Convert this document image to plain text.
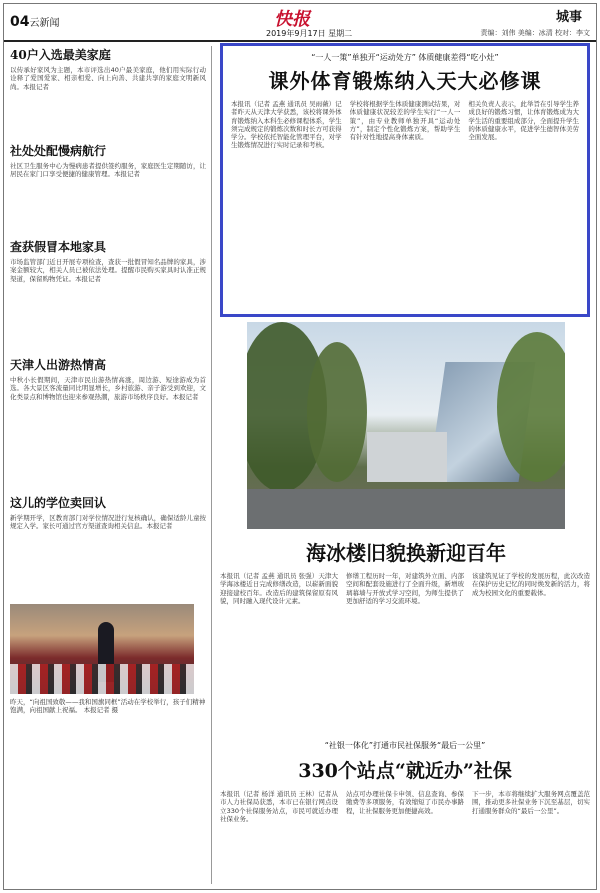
04云新闻	快报
2019年9月17日 星期二
城事
责编：刘伟 美编：冰清 校对：李文
40户入选最美家庭
以传承好家风为主题，本市评选出40户最美家庭，他们用实际行动诠释了爱国爱家、相亲相爱、向上向善、共建共享的家庭文明新风尚。本报记者
社处处配慢病航行
社区卫生服务中心为慢病患者提供签约服务，家庭医生定期随访，让居民在家门口享受便捷的健康管理。本报记者
查获假冒本地家具
市场监管部门近日开展专项检查，查获一批假冒知名品牌的家具，涉案金额较大，相关人员已被依法处理。提醒市民购买家具时认准正规渠道，保留购物凭证。本报记者
天津人出游热情高
中秋小长假期间，天津市民出游热情高涨，周边游、短途游成为首选。各大景区客流量同比明显增长，乡村旅游、亲子游受到欢迎，文化类景点和博物馆也迎来参观热潮，旅游市场秩序良好。本报记者
这儿的学位卖回认
新学期开学，区教育部门对学位情况进行复核确认，确保适龄儿童按规定入学。家长可通过官方渠道查询相关信息。本报记者
昨天，“向祖国致敬——我和国旗同框”活动在学校举行，孩子们精神饱满，向祖国献上祝福。 本报记者 摄
“一人一策”单独开“运动处方” 体质健康差得“吃小灶”
课外体育锻炼纳入天大必修课
本报讯（记者 孟燕 通讯员 吴雨薇）记者昨天从天津大学获悉，该校将课外体育锻炼纳入本科生必修课程体系，学生须完成规定的锻炼次数和时长方可获得学分。学校依托智能化管理平台，对学生锻炼情况进行实时记录和考核。
学校将根据学生体质健康测试结果，对体质健康状况较差的学生实行“一人一策”，由专业教师单独开具“运动处方”，制定个性化锻炼方案，帮助学生有针对性地提高身体素质。
相关负责人表示，此举旨在引导学生养成良好的锻炼习惯，让体育锻炼成为大学生活的重要组成部分，全面提升学生的体质健康水平，促进学生德智体美劳全面发展。
海冰楼旧貌换新迎百年
本报讯（记者 孟燕 通讯员 张强）天津大学海冰楼近日完成修缮改造，以崭新面貌迎接建校百年。改造后的建筑保留原有风貌，同时融入现代设计元素。
修缮工程历时一年，对建筑外立面、内部空间和配套设施进行了全面升级，新增玻璃幕墙与开放式学习空间，为师生提供了更加舒适的学习交流环境。
该建筑见证了学校的发展历程，此次改造在保护历史记忆的同时焕发新的活力，将成为校园文化的重要载体。
“社银一体化”打通市民社保服务“最后一公里”
330个站点“就近办”社保
本报讯（记者 杨洋 通讯员 王林）记者从市人力社保局获悉，本市已在银行网点设立330个社保服务站点，市民可就近办理社保业务。
站点可办理社保卡申领、信息查询、参保缴费等多项服务，有效缩短了市民办事路程，让社保服务更加便捷高效。
下一步，本市将继续扩大服务网点覆盖范围，推动更多社保业务下沉至基层，切实打通服务群众的“最后一公里”。
